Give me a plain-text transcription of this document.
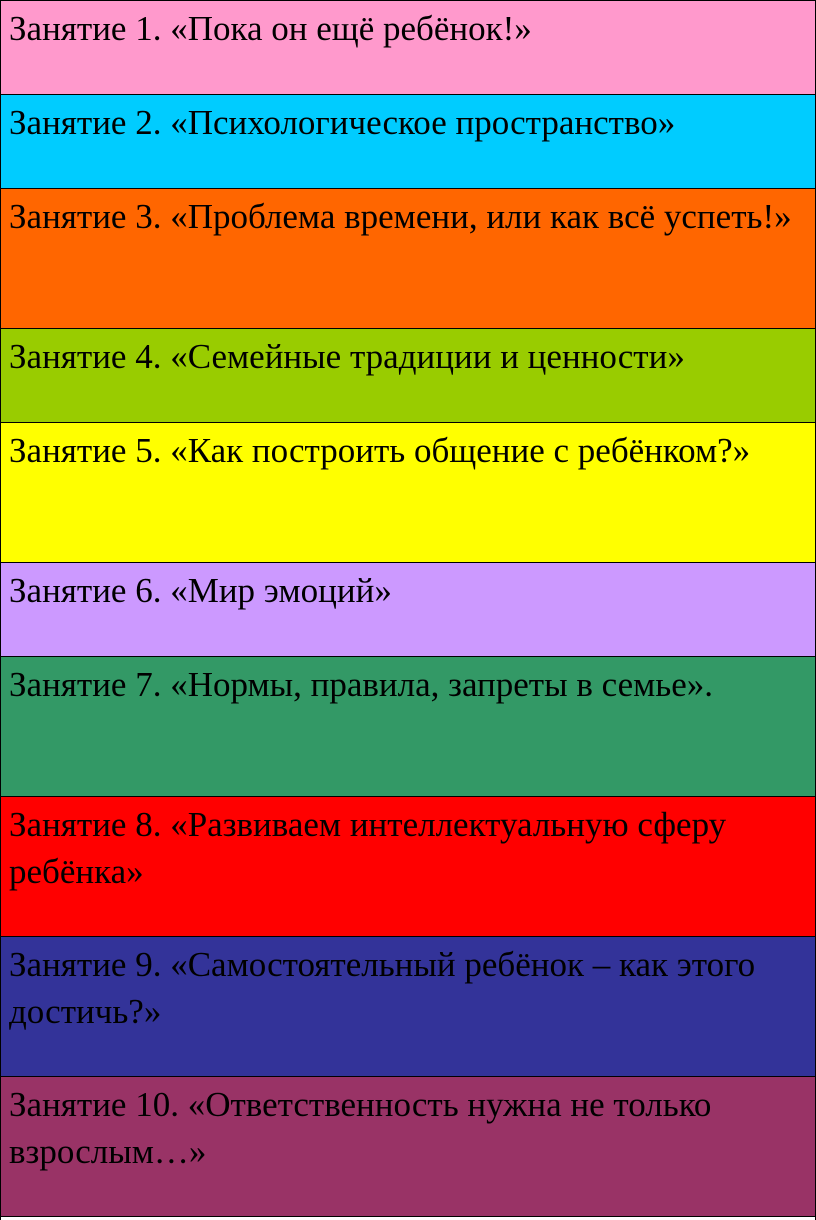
Занятие 1. «Пока он ещё ребёнок!»
Занятие 2. «Психологическое пространство»
Занятие 3. «Проблема времени, или как всё успеть!»
Занятие 4. «Семейные традиции и ценности»
Занятие 5. «Как построить общение с ребёнком?»
Занятие 6. «Мир эмоций»
Занятие 7. «Нормы, правила, запреты в семье».
Занятие 8. «Развиваем интеллектуальную сферу ребёнка»
Занятие 9. «Самостоятельный ребёнок – как этого достичь?»
Занятие 10. «Ответственность нужна не только взрослым…»
